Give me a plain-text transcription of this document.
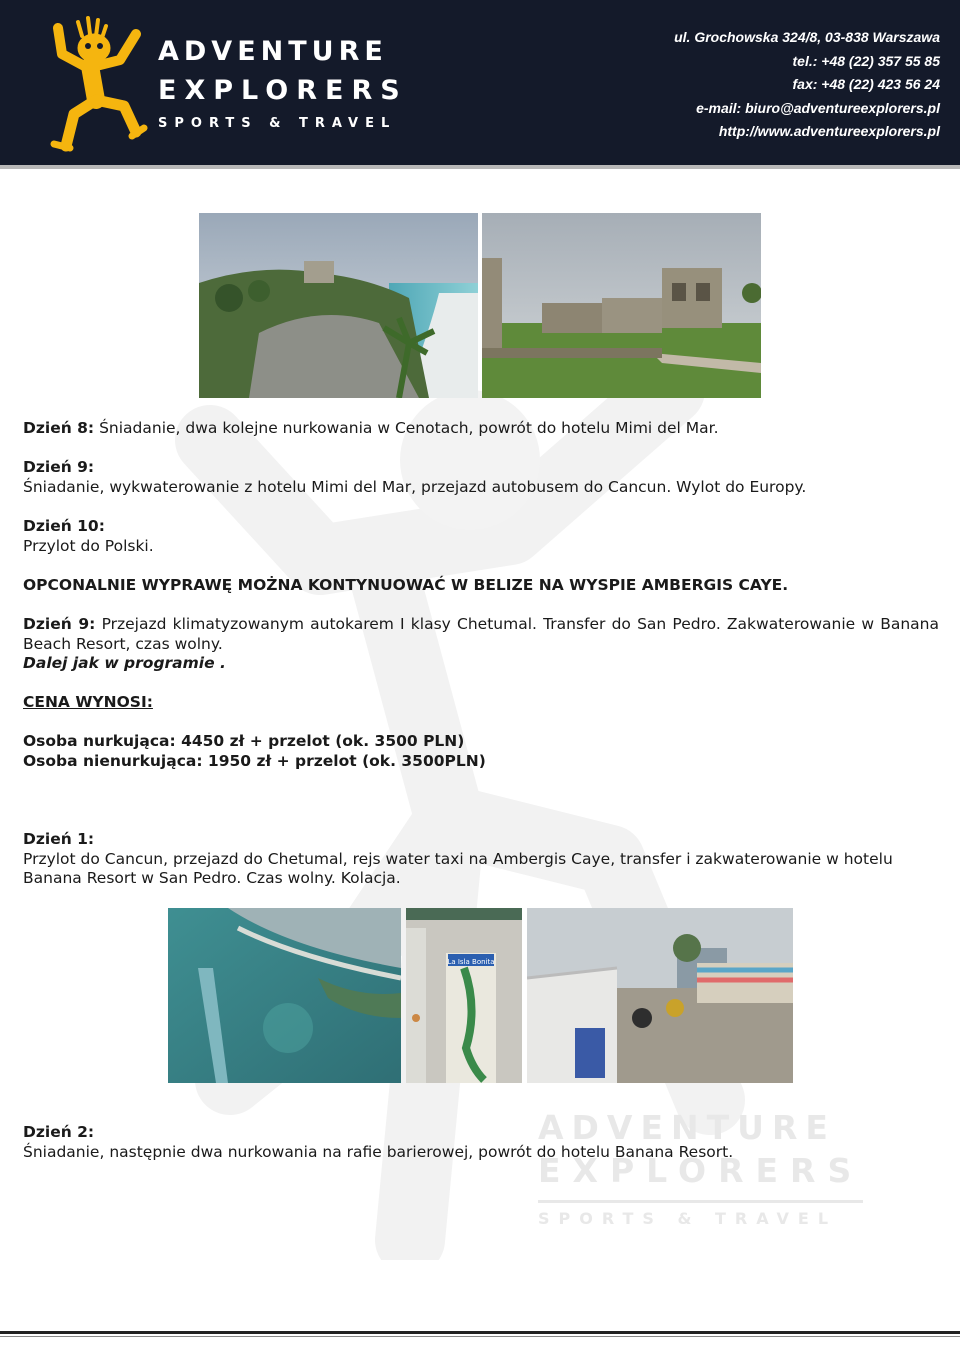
ADVENTURE
EXPLORERS
SPORTS & TRAVEL
ADVENTURE
EXPLORERS
SPORTS & TRAVEL
ul. Grochowska 324/8, 03-838 Warszawa
tel.: +48 (22) 357 55 85
fax: +48 (22) 423 56 24
e-mail: biuro@adventureexplorers.pl
http://www.adventureexplorers.pl
Dzień 8: Śniadanie, dwa kolejne nurkowania w Cenotach, powrót do hotelu Mimi del Mar.
Dzień 9:
Śniadanie, wykwaterowanie z hotelu Mimi del Mar, przejazd autobusem do Cancun. Wylot do Europy.
Dzień 10:
Przylot do Polski.
OPCONALNIE WYPRAWĘ MOŻNA KONTYNUOWAĆ W BELIZE NA WYSPIE AMBERGIS CAYE.
Dzień 9: Przejazd klimatyzowanym autokarem I klasy Chetumal. Transfer do San Pedro. Zakwaterowanie w Banana Beach Resort, czas wolny.
Dalej jak w programie .
CENA WYNOSI:
Osoba nurkująca: 4450 zł + przelot (ok. 3500 PLN)
Osoba nienurkująca: 1950 zł + przelot (ok. 3500PLN)
Dzień 1:
Przylot do Cancun, przejazd do Chetumal, rejs water taxi na Ambergis Caye, transfer i zakwaterowanie w hotelu Banana Resort w San Pedro. Czas wolny. Kolacja.
Dzień 2:
Śniadanie, następnie dwa nurkowania na rafie barierowej, powrót do hotelu Banana Resort.
La Isla Bonita
